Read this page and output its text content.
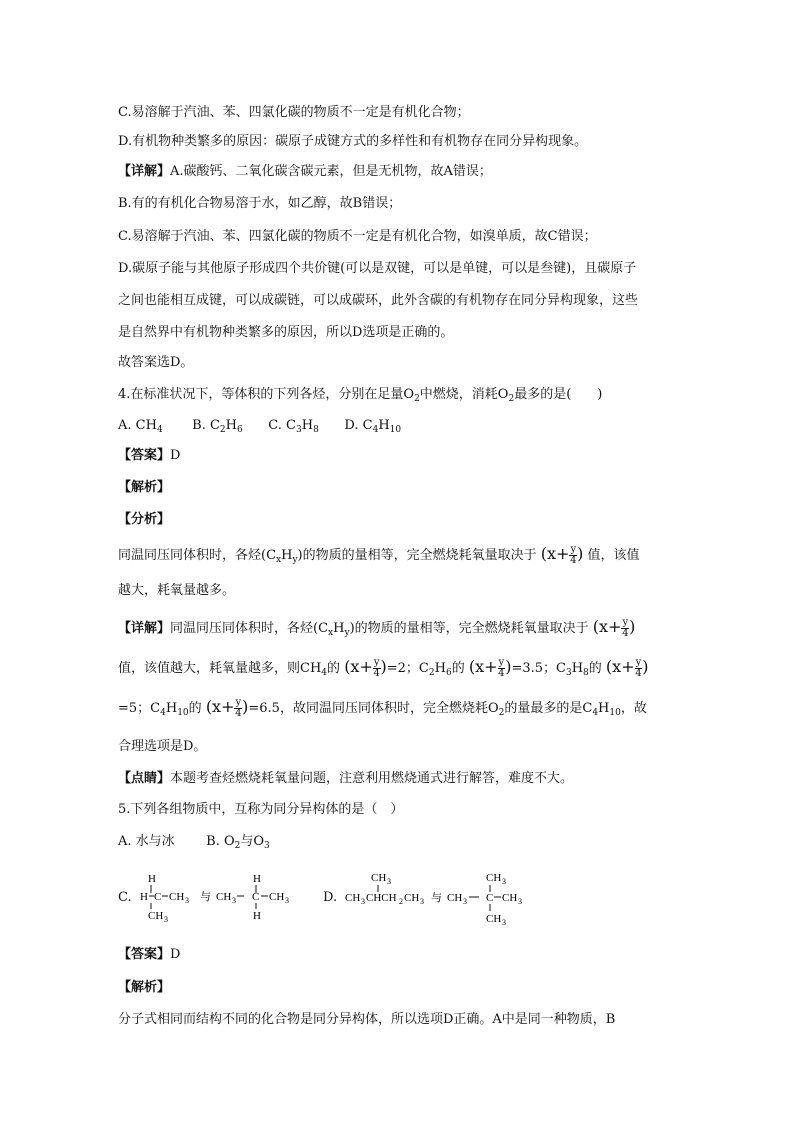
C.易溶解于汽油、苯、四氯化碳的物质不一定是有机化合物；
D.有机物种类繁多的原因：碳原子成键方式的多样性和有机物存在同分异构现象。
【详解】A.碳酸钙、二氧化碳含碳元素，但是无机物，故A错误；
B.有的有机化合物易溶于水，如乙醇，故B错误；
C.易溶解于汽油、苯、四氯化碳的物质不一定是有机化合物，如溴单质，故C错误；
D.碳原子能与其他原子形成四个共价键(可以是双键，可以是单键，可以是叁键)，且碳原子
之间也能相互成键，可以成碳链，可以成碳环，此外含碳的有机物存在同分异构现象，这些
是自然界中有机物种类繁多的原因，所以D选项是正确的。
故答案选D。
4.在标准状况下，等体积的下列各烃，分别在足量$O_2$中燃烧，消耗$O_2$最多的是(　　)
A. $CH_4$ B. $C_2H_6$ C. $C_3H_8$ D. $C_4H_{10}$
【答案】D
【解析】
【分析】
同温同压同体积时，各烃$(C_xH_y)$的物质的量相等，完全燃烧耗氧量取决于 ($x+ \frac{y}{4}$ ) 值，该值
越大，耗氧量越多。
【详解】同温同压同体积时，各烃$(C_xH_y)$的物质的量相等，完全燃烧耗氧量取决于 ($x+ \frac{y}{4}$ )
值，该值越大，耗氧量越多，则$CH_4$的 $(x+ \frac{y}{4} )=2$；$C_2H_6$的 $(x+ \frac{y}{4} )=3.5$；$C_3H_8$的 ($x+ \frac{y}{4}$ )
=5；$C_4H_{10}$的 $(x+ \frac{y}{4} )=6.5$，故同温同压同体积时，完全燃烧耗$O_2$的量最多的是$C_4H_{10}$，故
合理选项是D。
【点睛】本题考查烃燃烧耗氧量问题，注意利用燃烧通式进行解答，难度不大。
5.下列各组物质中，互称为同分异构体的是（　）
A. 水与冰 B. $O_2$与$O_3$
C.
H
H C CH 3
CH 3
与 CH 3
H
C CH 3
H
D.
CH 3
CH 3 CHCH 2 CH 3 与 CH 3
CH 3
C CH 3
CH 3
【答案】D
【解析】
分子式相同而结构不同的化合物是同分异构体，所以选项D正确。A中是同一种物质，B
